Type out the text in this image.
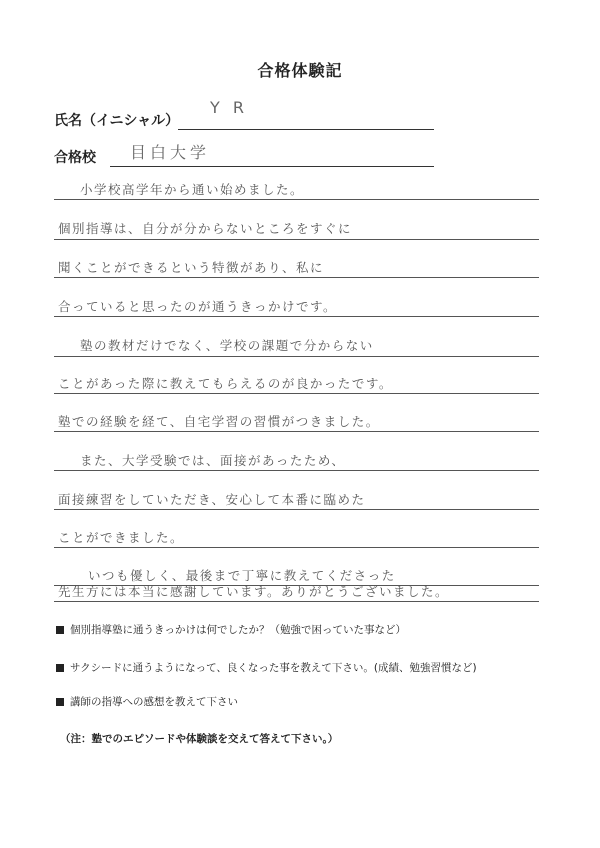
合格体験記
氏名（イニシャル）
Y R
合格校 目白大学
小学校高学年から通い始めました。
個別指導は、自分が分からないところをすぐに
聞くことができるという特徴があり、私に
合っていると思ったのが通うきっかけです。
塾の教材だけでなく、学校の課題で分からない
ことがあった際に教えてもらえるのが良かったです。
塾での経験を経て、自宅学習の習慣がつきました。
また、大学受験では、面接があったため、
面接練習をしていただき、安心して本番に臨めた
ことができました。
いつも優しく、最後まで丁寧に教えてくださった
先生方には本当に感謝しています。ありがとうございました。
個別指導塾に通うきっかけは何でしたか？（勉強で困っていた事など）
サクシードに通うようになって、良くなった事を教えて下さい。(成績、勉強習慣など)
講師の指導への感想を教えて下さい
（注：塾でのエピソードや体験談を交えて答えて下さい。）
